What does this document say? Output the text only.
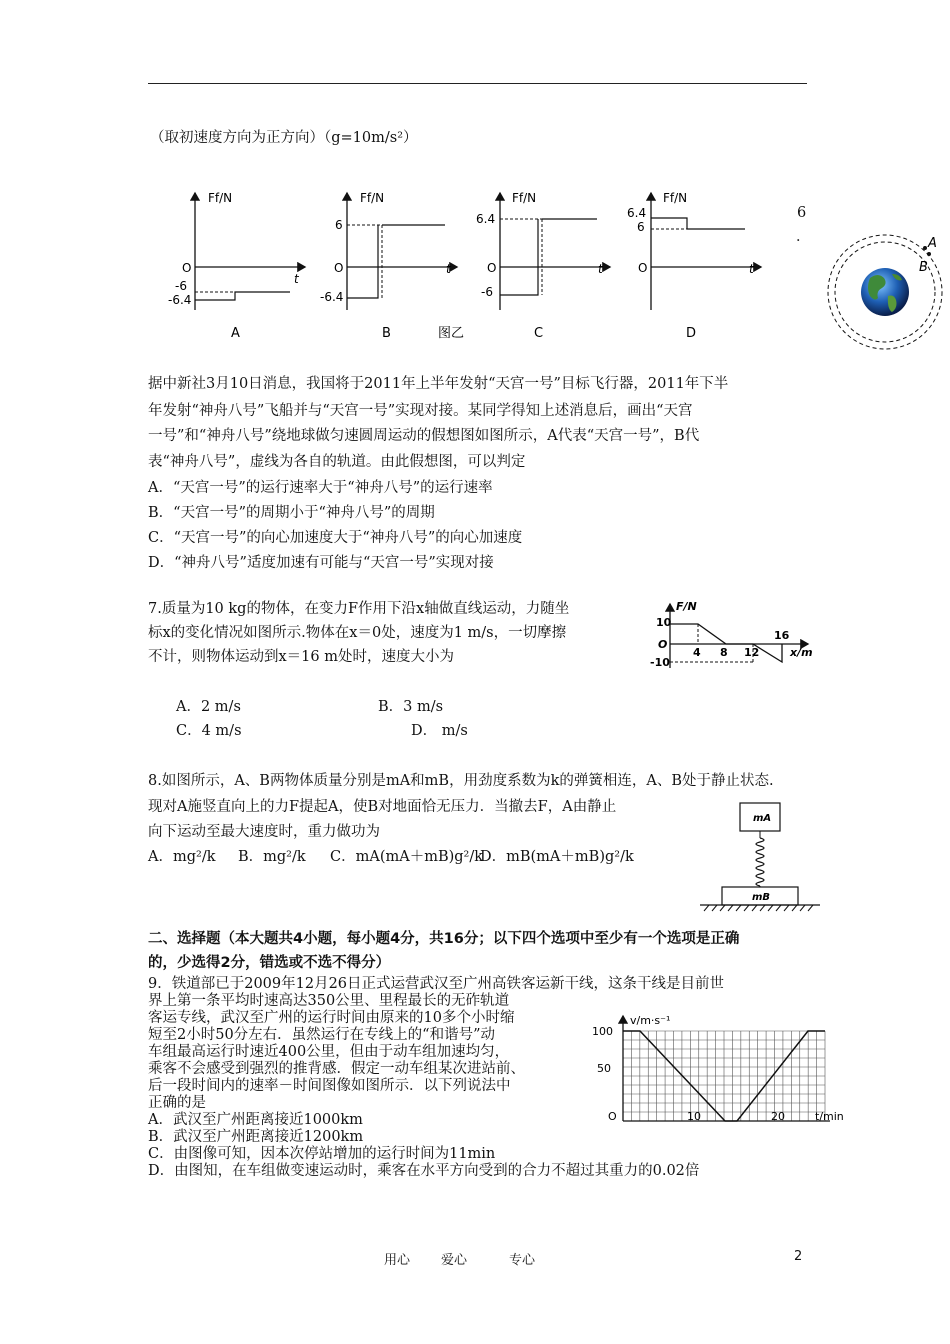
（取初速度方向为正方向）（g=10m/s²）
Ff/N
O
t
-6
-6.4
A
Ff/N
O	t
6
-6.4
B	图乙
Ff/N
O	t
6.4
-6
C
Ff/N
O	t
6.4
6
D
6
．	A
B
据中新社3月10日消息，我国将于2011年上半年发射“天宫一号”目标飞行器，2011年下半
年发射“神舟八号”飞船并与“天宫一号”实现对接。某同学得知上述消息后，画出“天宫
一号”和“神舟八号”绕地球做匀速圆周运动的假想图如图所示，A代表“天宫一号”，B代
表“神舟八号”，虚线为各自的轨道。由此假想图，可以判定
A．“天宫一号”的运行速率大于“神舟八号”的运行速率
B．“天宫一号”的周期小于“神舟八号”的周期
C．“天宫一号”的向心加速度大于“神舟八号”的向心加速度
D．“神舟八号”适度加速有可能与“天宫一号”实现对接
7.质量为10 kg的物体，在变力F作用下沿x轴做直线运动，力随坐
标x的变化情况如图所示.物体在x＝0处，速度为1 m/s，一切摩擦
不计，则物体运动到x＝16 m处时，速度大小为
F/N
10
O
-10
4 8 12
16
x/m
A．2 m/s	B．3 m/s
C．4 m/s	D． m/s
8.如图所示，A、B两物体质量分别是mA和mB，用劲度系数为k的弹簧相连，A、B处于静止状态.
现对A施竖直向上的力F提起A，使B对地面恰无压力．当撤去F，A由静止
向下运动至最大速度时，重力做功为
A．mg²/k B．mg²/k C．mA(mA＋mB)g²/k
D．mB(mA＋mB)g²/k
mA
mB
二、选择题（本大题共4小题，每小题4分，共16分；以下四个选项中至少有一个选项是正确
的，少选得2分，错选或不选不得分）
9．铁道部已于2009年12月26日正式运营武汉至广州高铁客运新干线，这条干线是目前世
界上第一条平均时速高达350公里、里程最长的无砟轨道
客运专线，武汉至广州的运行时间由原来的10多个小时缩
短至2小时50分左右．虽然运行在专线上的“和谐号”动
车组最高运行时速近400公里，但由于动车组加速均匀，
乘客不会感受到强烈的推背感．假定一动车组某次进站前、
后一段时间内的速率－时间图像如图所示．以下列说法中
正确的是
A．武汉至广州距离接近1000km
B．武汉至广州距离接近1200km
C．由图像可知，因本次停站增加的运行时间为11min
D．由图知，在车组做变速运动时，乘客在水平方向受到的合力不超过其重力的0.02倍
v/m·s⁻¹
100
50
O	10	20	t/min
用心 爱心	专心	2
